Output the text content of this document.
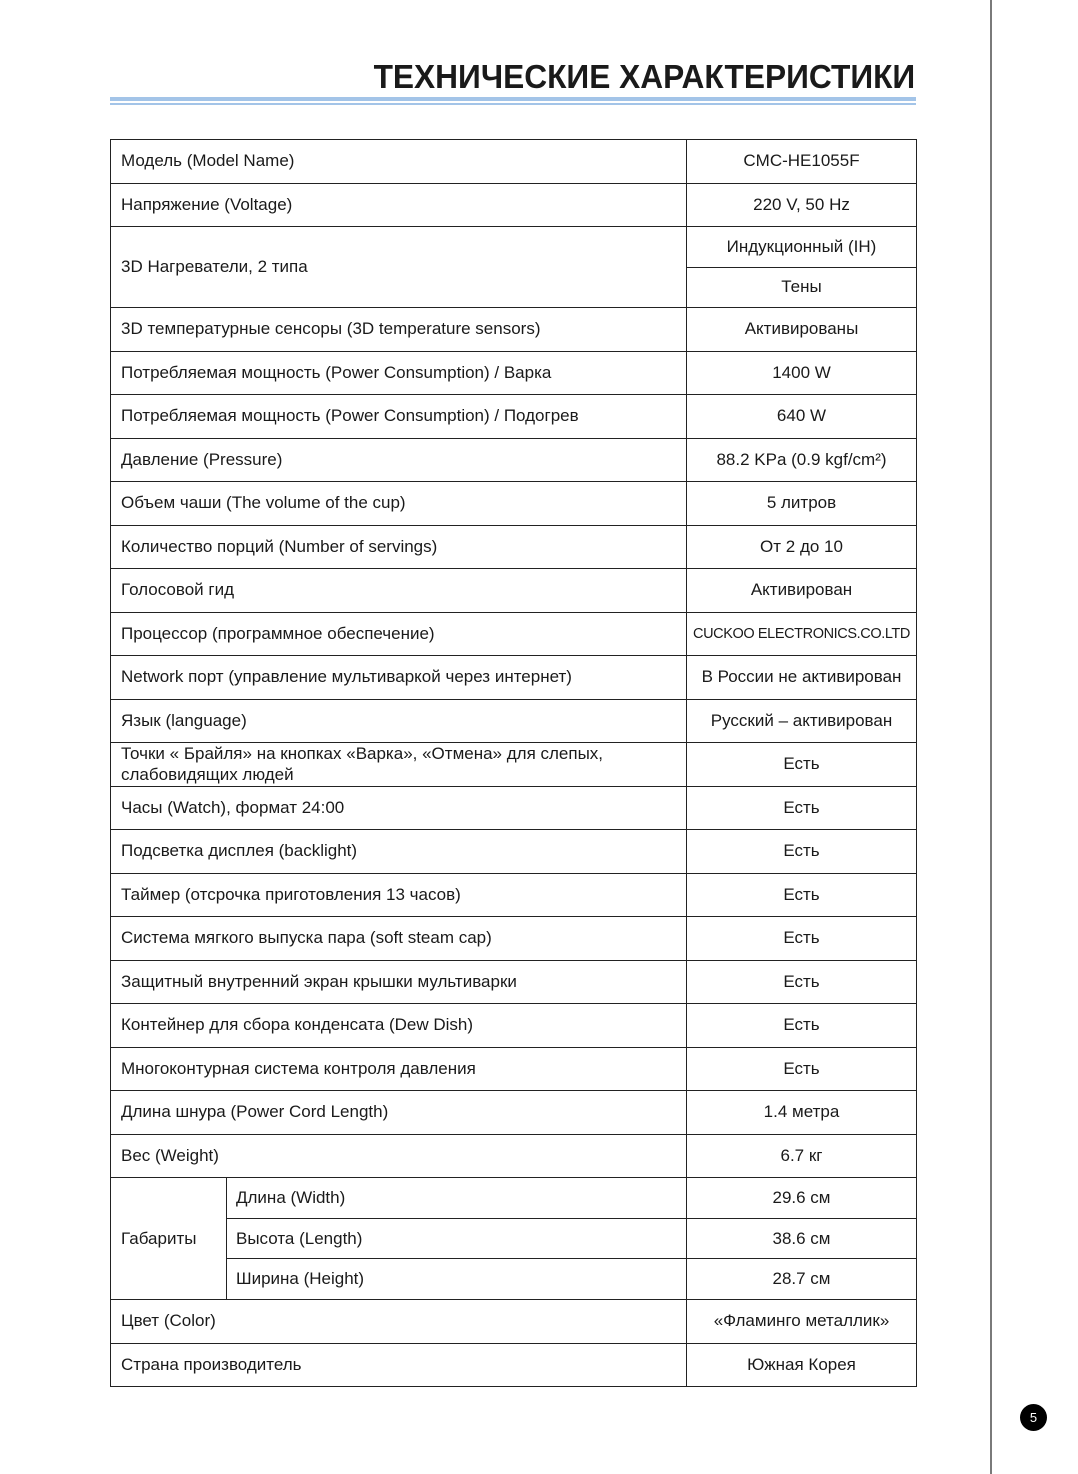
ТЕХНИЧЕСКИЕ ХАРАКТЕРИСТИКИ
Модель (Model Name)		CMC-HE1055F
Напряжение (Voltage)		220 V, 50 Hz
3D Нагреватели, 2 типа		Индукционный (IH)
		Тены
3D температурные сенсоры (3D temperature sensors)		Активированы
Потребляемая мощность (Power Consumption) / Варка		1400 W
Потребляемая мощность (Power Consumption) / Подогрев		640 W
Давление (Pressure)		88.2 KPa (0.9 kgf/cm²)
Объем чаши (The volume of the cup)		5 литров
Количество порций (Number of servings)		От 2 до 10
Голосовой гид		Активирован
Процессор (программное обеспечение)		CUCKOO ELECTRONICS.CO.LTD
Network порт (управление мультиваркой через интернет)		В России не активирован
Язык (language)		Русский – активирован
Точки « Брайля» на кнопках «Варка», «Отмена» для слепых, слабовидящих людей		Есть
Часы (Watch), формат 24:00		Есть
Подсветка дисплея (backlight)		Есть
Таймер (отсрочка приготовления 13 часов)		Есть
Система мягкого выпуска пара (soft steam cap)		Есть
Защитный внутренний экран крышки мультиварки		Есть
Контейнер для сбора конденсата (Dew Dish)		Есть
Многоконтурная система контроля давления		Есть
Длина шнура (Power Cord Length)		1.4 метра
Вес (Weight)		6.7 кг
Габариты	Длина (Width)	29.6 см
	Высота (Length)	38.6 см
	Ширина (Height)	28.7 см
Цвет (Color)		«Фламинго металлик»
Страна производитель		Южная Корея
5
